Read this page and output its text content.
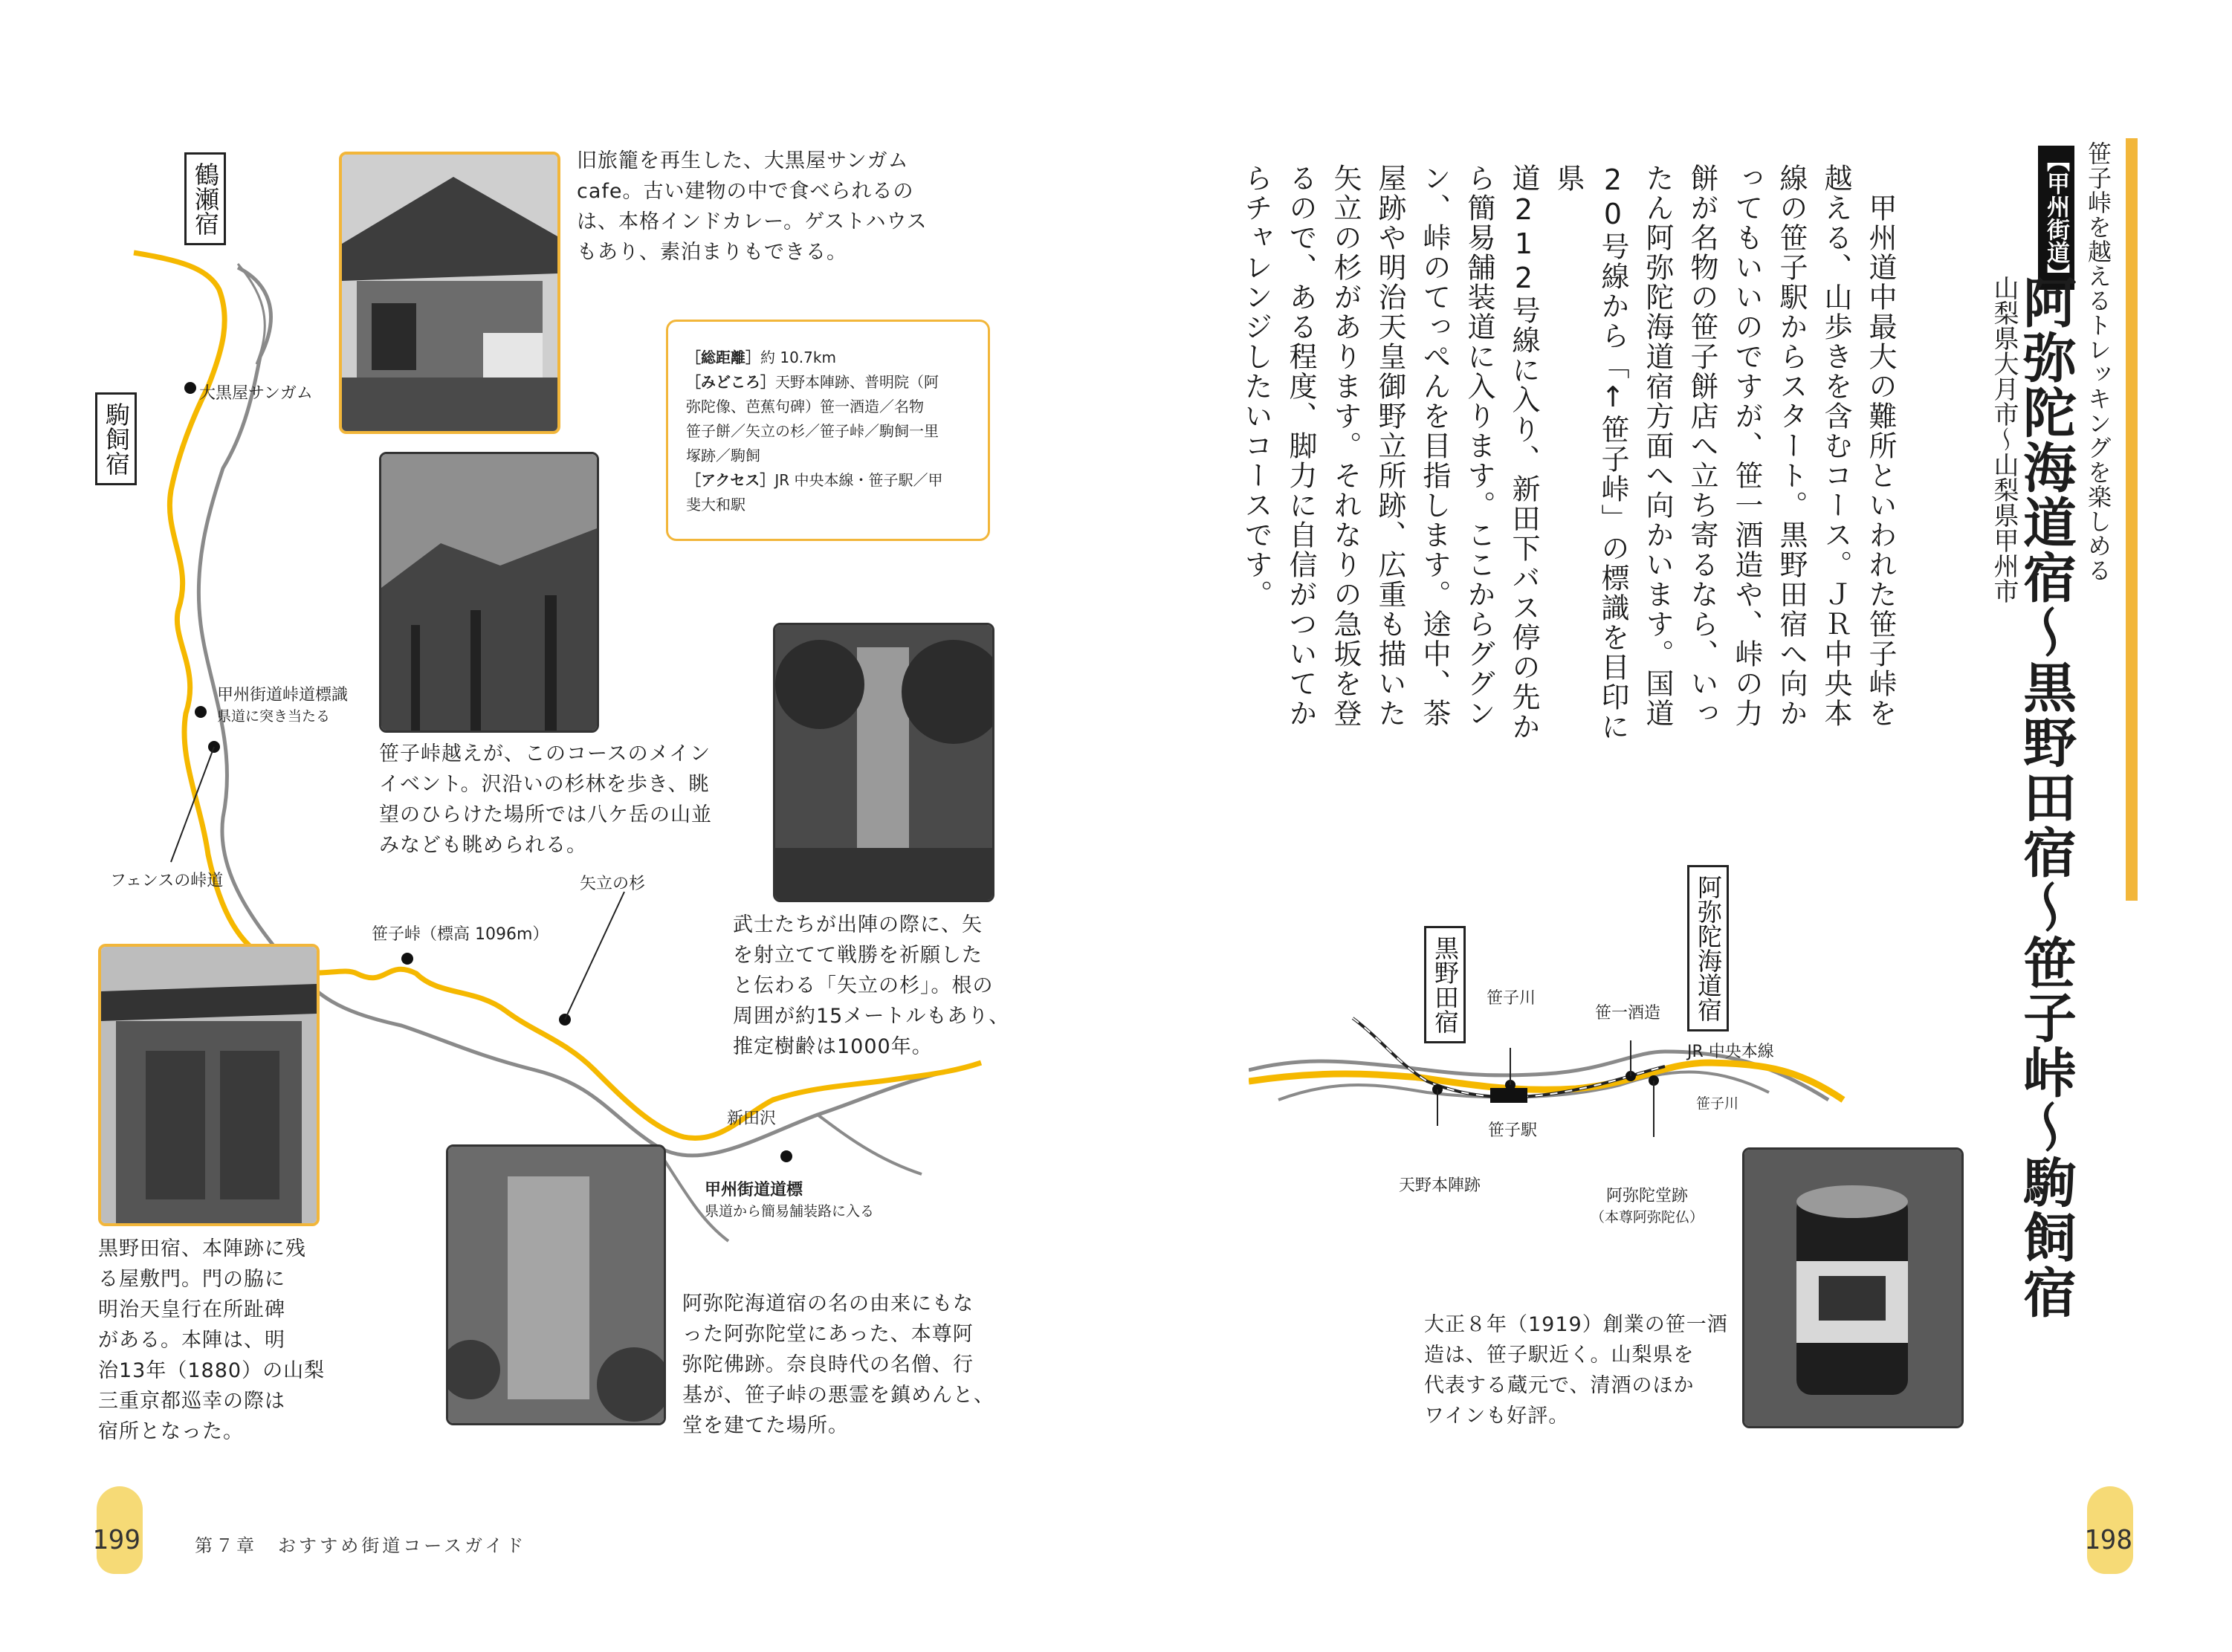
鶴瀬宿
駒飼宿
大黒屋サンガム
甲州街道峠道標識
県道に突き当たる
フェンスの峠道	矢立の杉
笹子峠（標高 1096m）
新田沢
甲州街道道標
県道から簡易舗装路に入る
［総距離］約 10.7km
［みどころ］天野本陣跡、普明院（阿
弥陀像、芭蕉句碑）笹一酒造／名物
笹子餅／矢立の杉／笹子峠／駒飼一里
塚跡／駒飼
［アクセス］JR 中央本線・笹子駅／甲
斐大和駅
旧旅籠を再生した、大黒屋サンガム
cafe。古い建物の中で食べられるの
は、本格インドカレー。ゲストハウス
もあり、素泊まりもできる。
笹子峠越えが、このコースのメイン
イベント。沢沿いの杉林を歩き、眺
望のひらけた場所では八ケ岳の山並
みなども眺められる。
武士たちが出陣の際に、矢
を射立てて戦勝を祈願した
と伝わる「矢立の杉」。根の
周囲が約15メートルもあり、
推定樹齢は1000年。
黒野田宿、本陣跡に残
る屋敷門。門の脇に
明治天皇行在所趾碑
がある。本陣は、明
治13年（1880）の山梨
三重京都巡幸の際は
宿所となった。
阿弥陀海道宿の名の由来にもな
った阿弥陀堂にあった、本尊阿
弥陀佛跡。奈良時代の名僧、行
基が、笹子峠の悪霊を鎮めんと、
堂を建てた場所。
199	第７章　おすすめ街道コースガイド
笹子峠を越えるトレッキングを楽しめる
【甲州街道】
阿弥陀海道宿〜黒野田宿〜笹子峠〜駒飼宿
山梨県大月市〜山梨県甲州市
　甲州道中最大の難所といわれた笹子峠を
越える、山歩きを含むコース。ＪＲ中央本
線の笹子駅からスタート。黒野田宿へ向か
ってもいいのですが、笹一酒造や、峠の力
餅が名物の笹子餅店へ立ち寄るなら、いっ
たん阿弥陀海道宿方面へ向かいます。国道
20号線から「↑笹子峠」の標識を目印に県
道212号線に入り、新田下バス停の先か
ら簡易舗装道に入ります。ここからググン
ン、峠のてっぺんを目指します。途中、茶
屋跡や明治天皇御野立所跡、広重も描いた
矢立の杉があります。それなりの急坂を登
るので、ある程度、脚力に自信がついてか
らチャレンジしたいコースです。
阿弥陀海道宿
黒野田宿	笹子川
笹一酒造
JR 中央本線
笹子川
笹子駅
天野本陣跡
阿弥陀堂跡
（本尊阿弥陀仏）
大正８年（1919）創業の笹一酒
造は、笹子駅近く。山梨県を
代表する蔵元で、清酒のほか
ワインも好評。
198
